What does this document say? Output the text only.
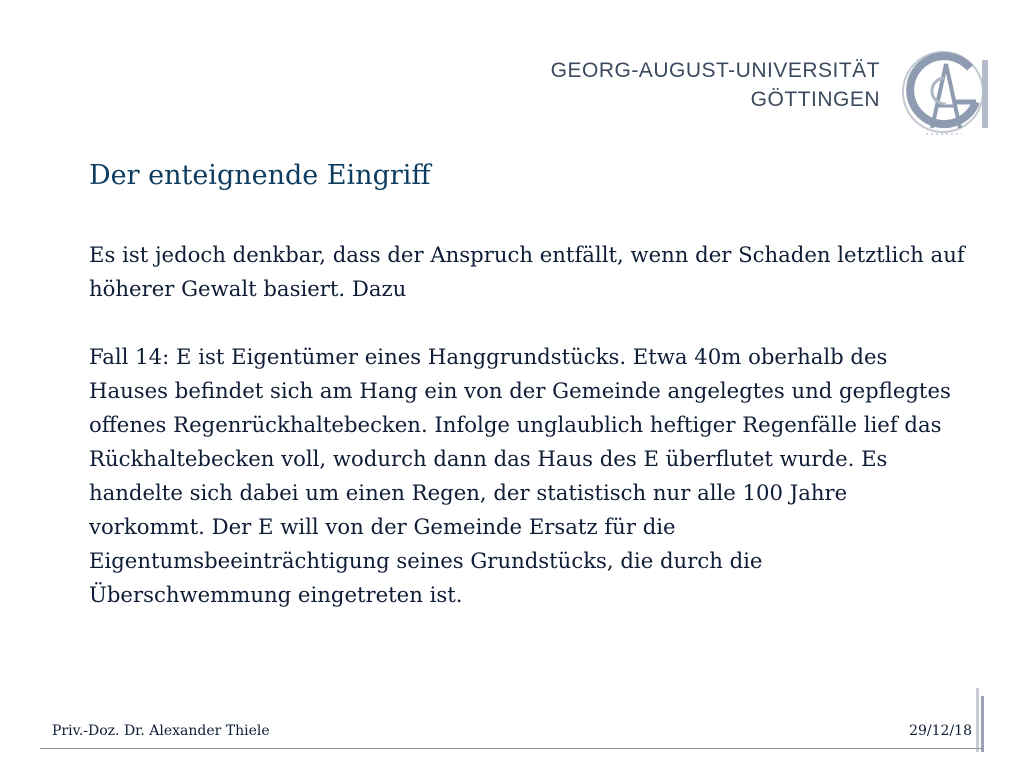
GEORG-AUGUST-UNIVERSITÄT
GÖTTINGEN
Der enteignende Eingriff

Es ist jedoch denkbar, dass der Anspruch entfällt, wenn der Schaden letztlich auf höherer Gewalt basiert. Dazu

Fall 14: E ist Eigentümer eines Hanggrundstücks. Etwa 40m oberhalb des Hauses befindet sich am Hang ein von der Gemeinde angelegtes und gepflegtes offenes Regenrückhaltebecken. Infolge unglaublich heftiger Regenfälle lief das Rückhaltebecken voll, wodurch dann das Haus des E überflutet wurde. Es handelte sich dabei um einen Regen, der statistisch nur alle 100 Jahre vorkommt. Der E will von der Gemeinde Ersatz für die Eigentumsbeeinträchtigung seines Grundstücks, die durch die Überschwemmung eingetreten ist.

Priv.-Doz. Dr. Alexander Thiele	29/12/18
